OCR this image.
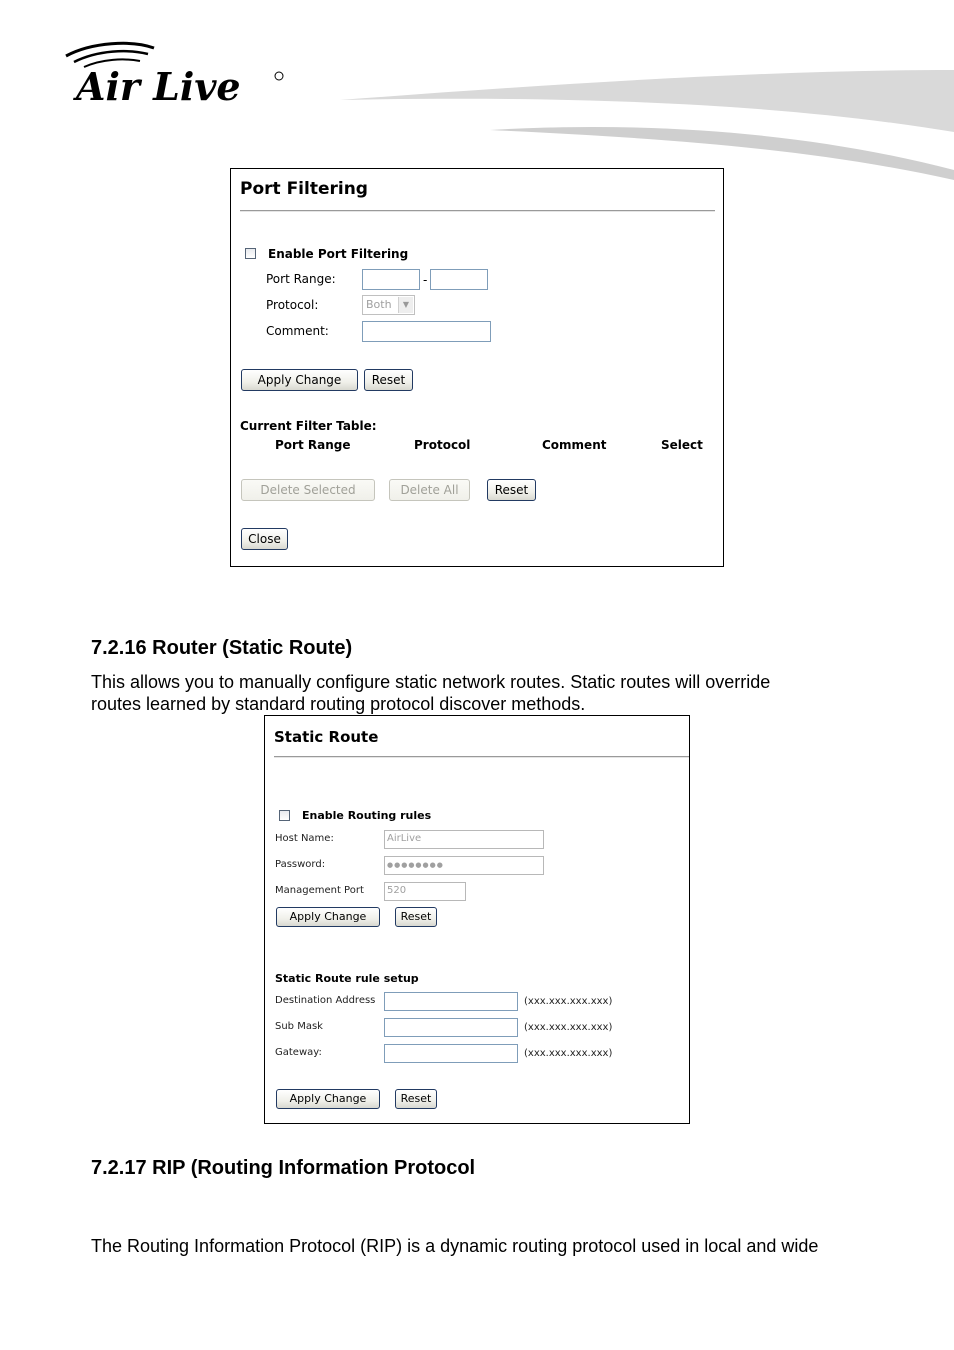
Air Live
Port Filtering
Enable Port Filtering
Port Range:	-
Protocol:	Both	▼
Comment:
Apply Change	Reset
Current Filter Table:
Port Range	Protocol	Comment	Select
Delete Selected	Delete All	Reset
Close
7.2.16 Router (Static Route)
This allows you to manually configure static network routes. Static routes will override
routes learned by standard routing protocol discover methods.
Static Route
Enable Routing rules
Host Name:	AirLive
Password:	●●●●●●●●
Management Port	520
Apply Change	Reset
Static Route rule setup
Destination Address	(xxx.xxx.xxx.xxx)
Sub Mask	(xxx.xxx.xxx.xxx)
Gateway:	(xxx.xxx.xxx.xxx)
Apply Change	Reset
7.2.17 RIP (Routing Information Protocol
The Routing Information Protocol (RIP) is a dynamic routing protocol used in local and wide
